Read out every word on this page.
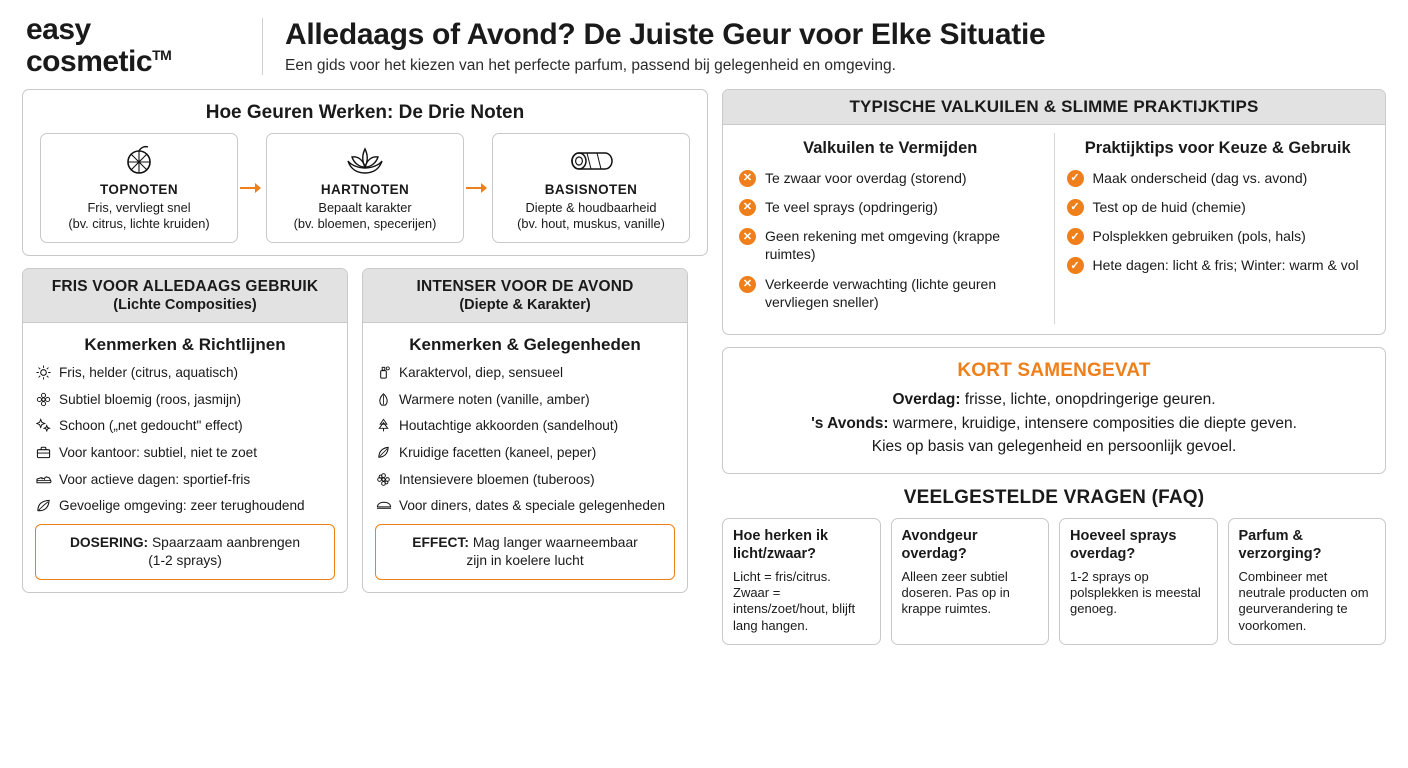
easy
cosmetic™
Alledaags of Avond? De Juiste Geur voor Elke Situatie

Een gids voor het kiezen van het perfecte parfum, passend bij gelegenheid en omgeving.

Hoe Geuren Werken: De Drie Noten
TOPNOTEN
Fris, vervliegt snel
(bv. citrus, lichte kruiden)
HARTNOTEN
Bepaalt karakter
(bv. bloemen, specerijen)
BASISNOTEN
Diepte & houdbaarheid
(bv. hout, muskus, vanille)
FRIS VOOR ALLEDAAGS GEBRUIK
(Lichte Composities)
Kenmerken & Richtlijnen
Fris, helder (citrus, aquatisch)
Subtiel bloemig (roos, jasmijn)
Schoon („net gedoucht" effect)
Voor kantoor: subtiel, niet te zoet
Voor actieve dagen: sportief-fris
Gevoelige omgeving: zeer terughoudend
DOSERING: Spaarzaam aanbrengen
(1-2 sprays)
INTENSER VOOR DE AVOND
(Diepte & Karakter)
Kenmerken & Gelegenheden
Karaktervol, diep, sensueel
Warmere noten (vanille, amber)
Houtachtige akkoorden (sandelhout)
Kruidige facetten (kaneel, peper)
Intensievere bloemen (tuberoos)
Voor diners, dates & speciale gelegenheden
EFFECT: Mag langer waarneembaar
zijn in koelere lucht
TYPISCHE VALKUILEN & SLIMME PRAKTIJKTIPS
Valkuilen te Vermijden
✕ Te zwaar voor overdag (storend)
✕ Te veel sprays (opdringerig)
✕ Geen rekening met omgeving (krappe ruimtes)
✕ Verkeerde verwachting (lichte geuren vervliegen sneller)
Praktijktips voor Keuze & Gebruik
✓ Maak onderscheid (dag vs. avond)
✓ Test op de huid (chemie)
✓ Polsplekken gebruiken (pols, hals)
✓ Hete dagen: licht & fris; Winter: warm & vol
KORT SAMENGEVAT

Overdag: frisse, lichte, onopdringerige geuren.

's Avonds: warmere, kruidige, intensere composities die diepte geven.

Kies op basis van gelegenheid en persoonlijk gevoel.

VEELGESTELDE VRAGEN (FAQ)
Hoe herken ik licht/zwaar?
Licht = fris/citrus. Zwaar = intens/zoet/hout, blijft lang hangen.
Avondgeur overdag?
Alleen zeer subtiel doseren. Pas op in krappe ruimtes.
Hoeveel sprays overdag?
1-2 sprays op polsplekken is meestal genoeg.
Parfum & verzorging?
Combineer met neutrale producten om geurverandering te voorkomen.
